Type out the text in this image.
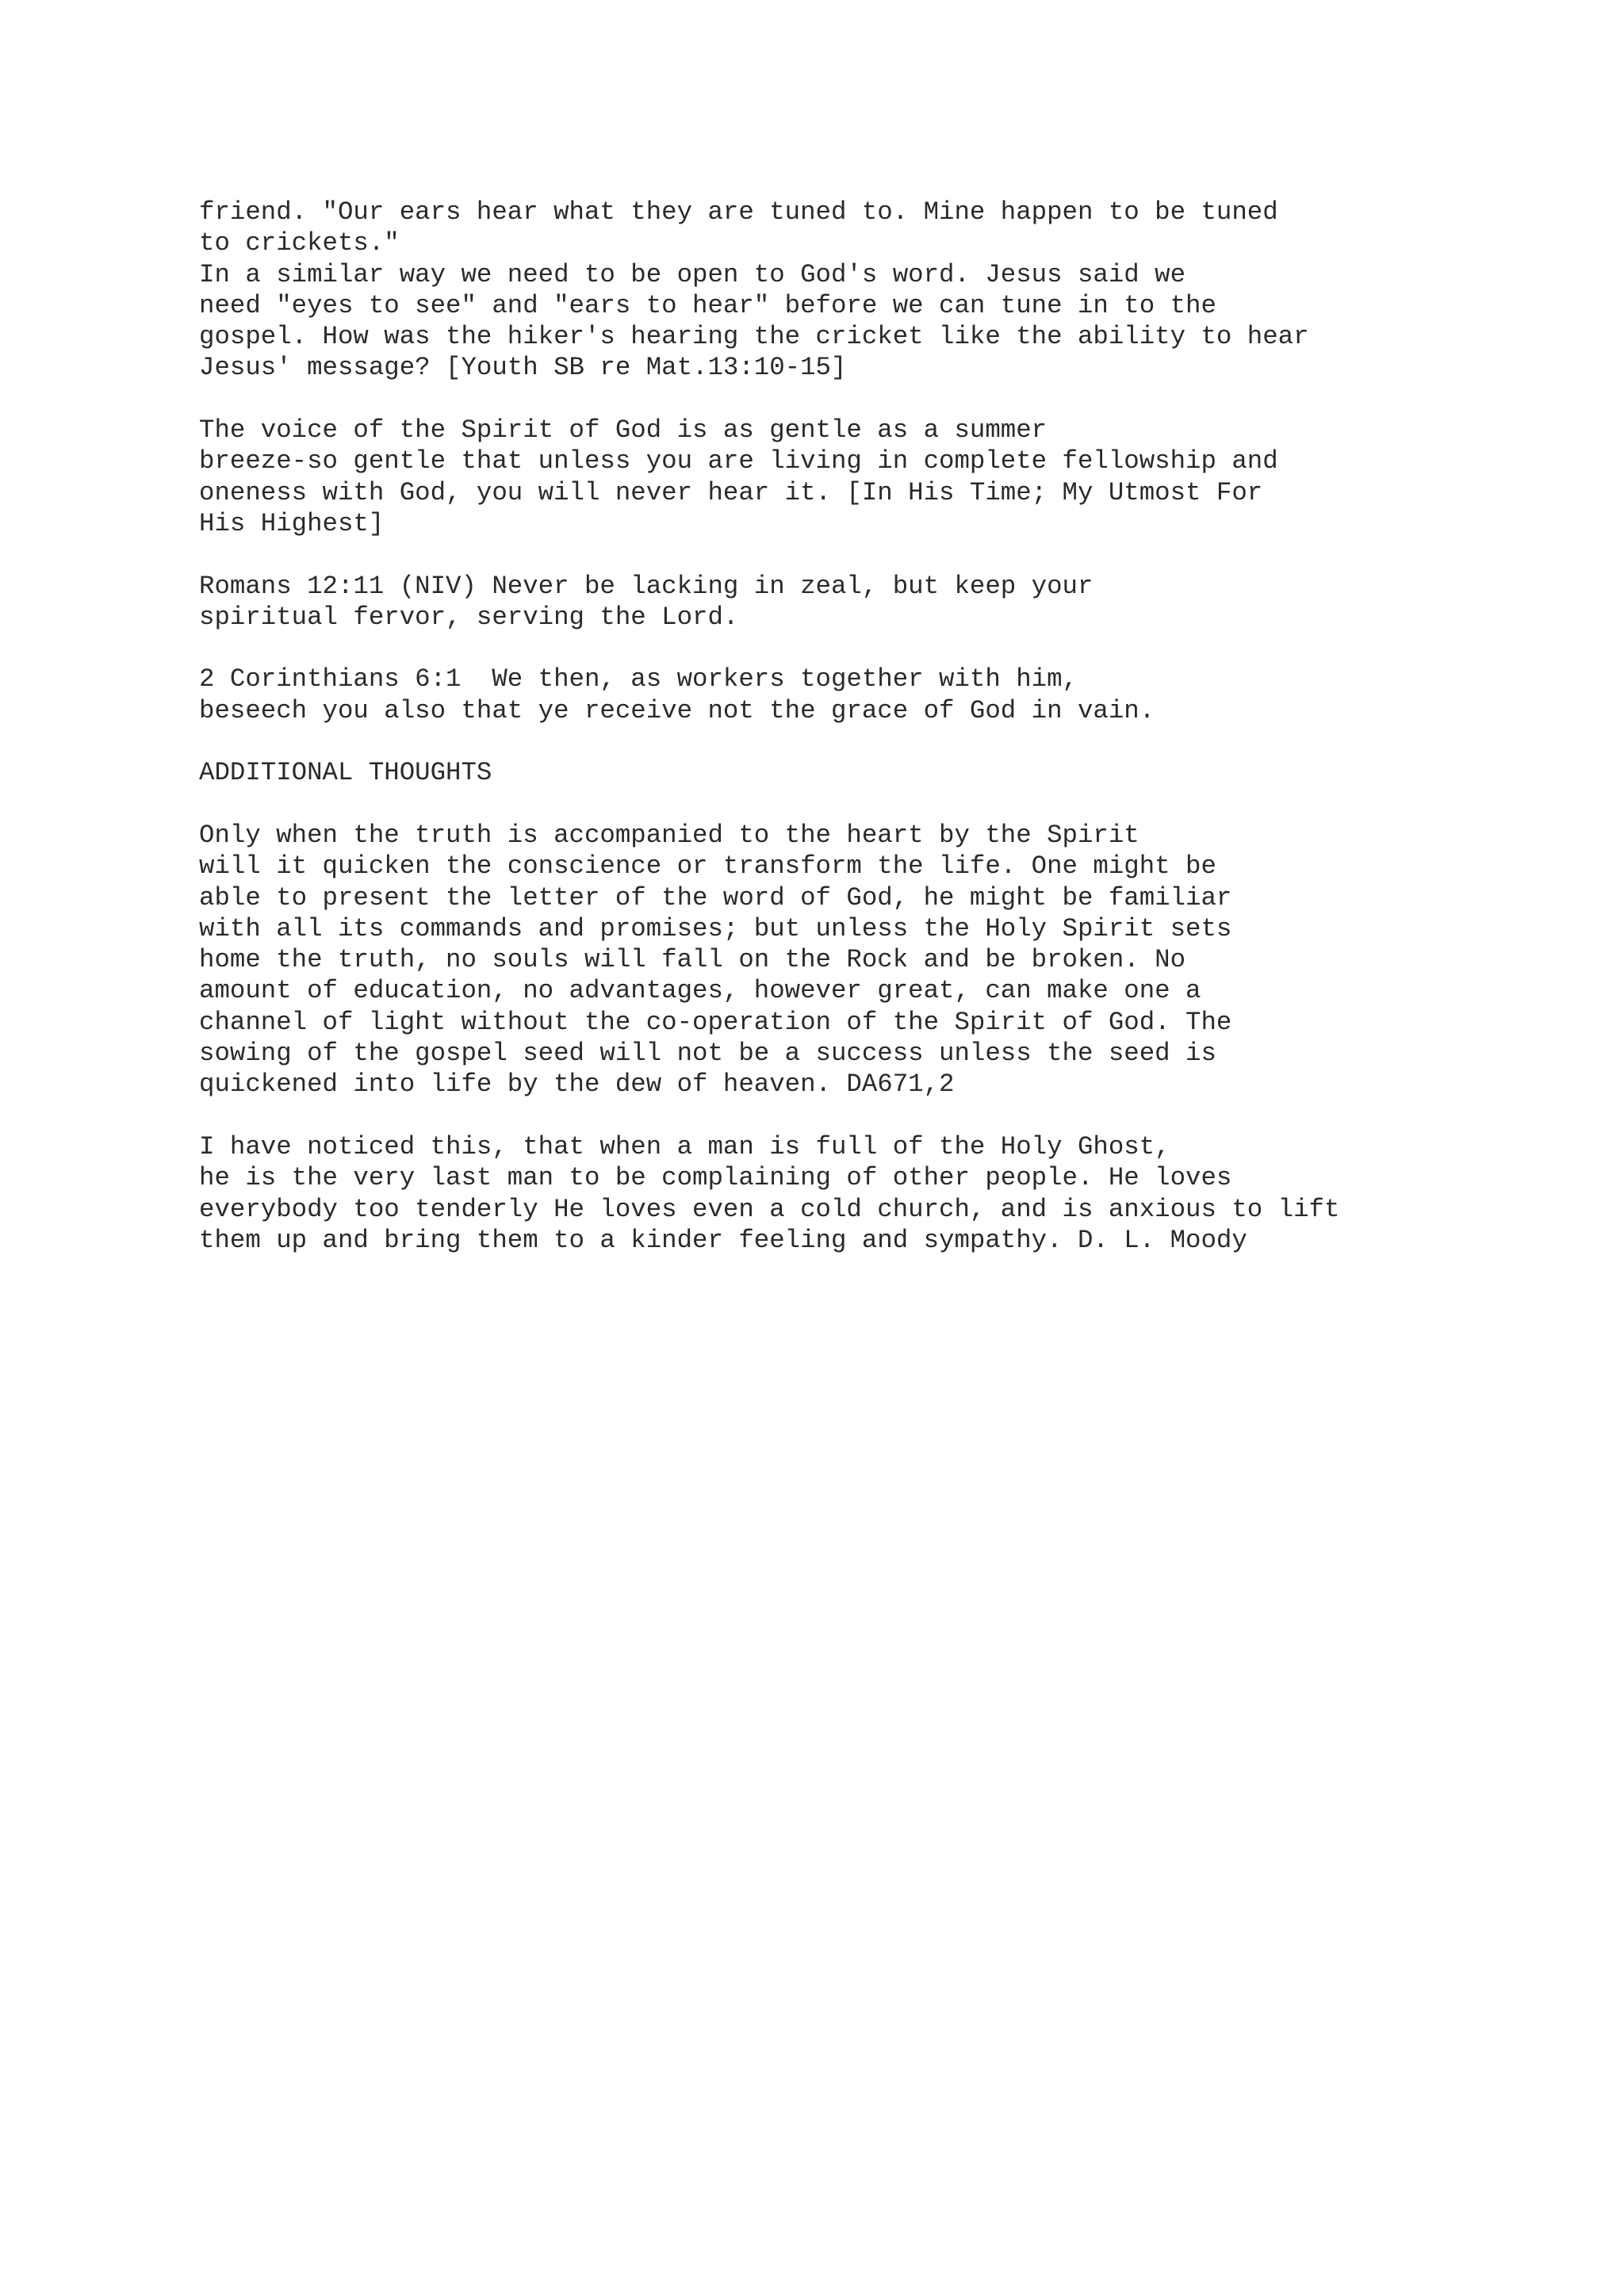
friend. "Our ears hear what they are tuned to. Mine happen to be tuned
to crickets."
In a similar way we need to be open to God's word. Jesus said we
need "eyes to see" and "ears to hear" before we can tune in to the
gospel. How was the hiker's hearing the cricket like the ability to hear
Jesus' message? [Youth SB re Mat.13:10-15]

The voice of the Spirit of God is as gentle as a summer
breeze-so gentle that unless you are living in complete fellowship and
oneness with God, you will never hear it. [In His Time; My Utmost For
His Highest]

Romans 12:11 (NIV) Never be lacking in zeal, but keep your
spiritual fervor, serving the Lord.

2 Corinthians 6:1  We then, as workers together with him,
beseech you also that ye receive not the grace of God in vain.

ADDITIONAL THOUGHTS

Only when the truth is accompanied to the heart by the Spirit
will it quicken the conscience or transform the life. One might be
able to present the letter of the word of God, he might be familiar
with all its commands and promises; but unless the Holy Spirit sets
home the truth, no souls will fall on the Rock and be broken. No
amount of education, no advantages, however great, can make one a
channel of light without the co-operation of the Spirit of God. The
sowing of the gospel seed will not be a success unless the seed is
quickened into life by the dew of heaven. DA671,2

I have noticed this, that when a man is full of the Holy Ghost,
he is the very last man to be complaining of other people. He loves
everybody too tenderly He loves even a cold church, and is anxious to lift
them up and bring them to a kinder feeling and sympathy. D. L. Moody
